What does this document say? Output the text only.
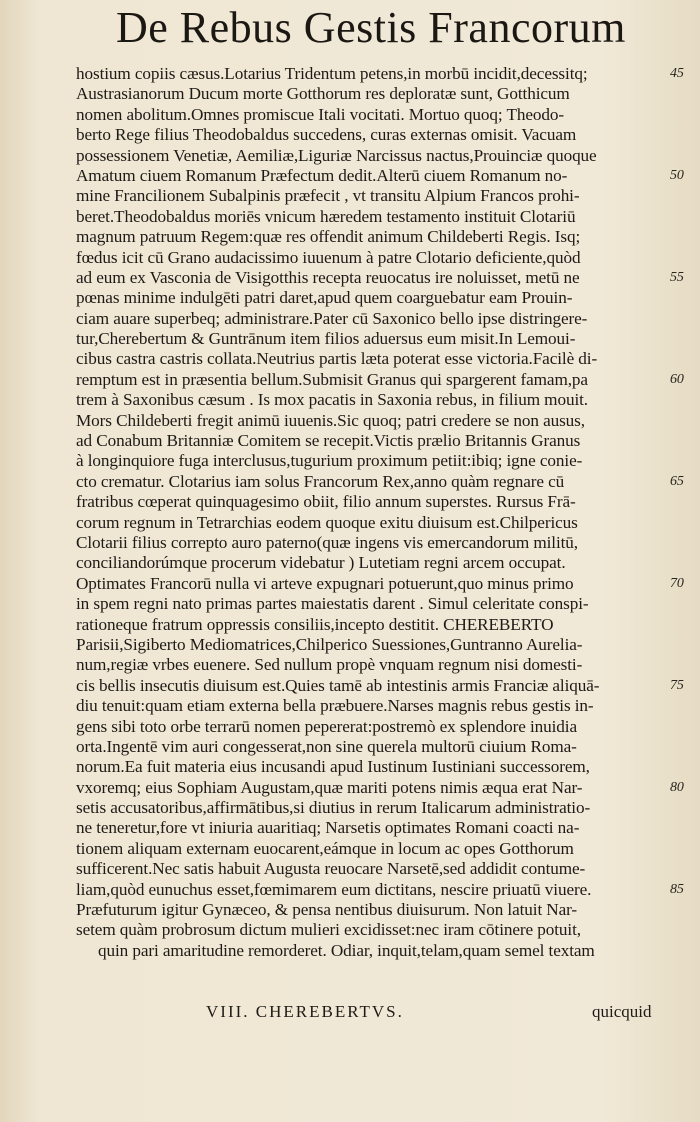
De Rebus Gestis Francorum
hostium copiis cæsus.Lotarius Tridentum petens,in morbū incidit,decessitq;	45
Austrasianorum Ducum morte Gotthorum res deploratæ sunt, Gotthicum
nomen abolitum.Omnes promiscue Itali vocitati. Mortuo quoq; Theodo-
berto Rege filius Theodobaldus succedens, curas externas omisit. Vacuam
possessionem Venetiæ, Aemiliæ,Liguriæ Narcissus nactus,Prouinciæ quoque
Amatum ciuem Romanum Præfectum dedit.Alterū ciuem Romanum no-	50
mine Francilionem Subalpinis præfecit , vt transitu Alpium Francos prohi-
beret.Theodobaldus moriēs vnicum hæredem testamento instituit Clotariū
magnum patruum Regem:quæ res offendit animum Childeberti Regis. Isq;
fœdus icit cū Grano audacissimo iuuenum à patre Clotario deficiente,quòd
ad eum ex Vasconia de Visigotthis recepta reuocatus ire noluisset, metū ne	55
pœnas minime indulgēti patri daret,apud quem coarguebatur eam Prouin-
ciam auare superbeq; administrare.Pater cū Saxonico bello ipse distringere-
tur,Cherebertum & Guntrānum item filios aduersus eum misit.In Lemoui-
cibus castra castris collata.Neutrius partis læta poterat esse victoria.Facilè di-
remptum est in præsentia bellum.Submisit Granus qui spargerent famam,pa	60
trem à Saxonibus cæsum . Is mox pacatis in Saxonia rebus, in filium mouit.
Mors Childeberti fregit animū iuuenis.Sic quoq; patri credere se non ausus,
ad Conabum Britanniæ Comitem se recepit.Victis prælio Britannis Granus
à longinquiore fuga interclusus,tugurium proximum petiit:ibiq; igne conie-
cto crematur. Clotarius iam solus Francorum Rex,anno quàm regnare cū	65
fratribus cœperat quinquagesimo obiit, filio annum superstes. Rursus Frā-
corum regnum in Tetrarchias eodem quoque exitu diuisum est.Chilpericus
Clotarii filius correpto auro paterno(quæ ingens vis emercandorum militū,
conciliandorúmque procerum videbatur ) Lutetiam regni arcem occupat.
Optimates Francorū nulla vi arteve expugnari potuerunt,quo minus primo	70
in spem regni nato primas partes maiestatis darent . Simul celeritate conspi-
rationeque fratrum oppressis consiliis,incepto destitit. CHEREBERTO
Parisii,Sigiberto Mediomatrices,Chilperico Suessiones,Guntranno Aurelia-
num,regiæ vrbes euenere. Sed nullum propè vnquam regnum nisi domesti-
cis bellis insecutis diuisum est.Quies tamē ab intestinis armis Franciæ aliquā-	75
diu tenuit:quam etiam externa bella præbuere.Narses magnis rebus gestis in-
gens sibi toto orbe terrarū nomen pepererat:postremò ex splendore inuidia
orta.Ingentē vim auri congesserat,non sine querela multorū ciuium Roma-
norum.Ea fuit materia eius incusandi apud Iustinum Iustiniani successorem,
vxoremq; eius Sophiam Augustam,quæ mariti potens nimis æqua erat Nar-	80
setis accusatoribus,affirmātibus,si diutius in rerum Italicarum administratio-
ne teneretur,fore vt iniuria auaritiaq; Narsetis optimates Romani coacti na-
tionem aliquam externam euocarent,eámque in locum ac opes Gotthorum
sufficerent.Nec satis habuit Augusta reuocare Narsetē,sed addidit contume-
liam,quòd eunuchus esset,fœmimarem eum dictitans, nescire priuatū viuere.	85
Præfuturum igitur Gynæceo, & pensa nentibus diuisurum. Non latuit Nar-
setem quàm probrosum dictum mulieri excidisset:nec iram cōtinere potuit,
quin pari amaritudine remorderet. Odiar, inquit,telam,quam semel textam
VIII. CHEREBERTVS.	quicquid
